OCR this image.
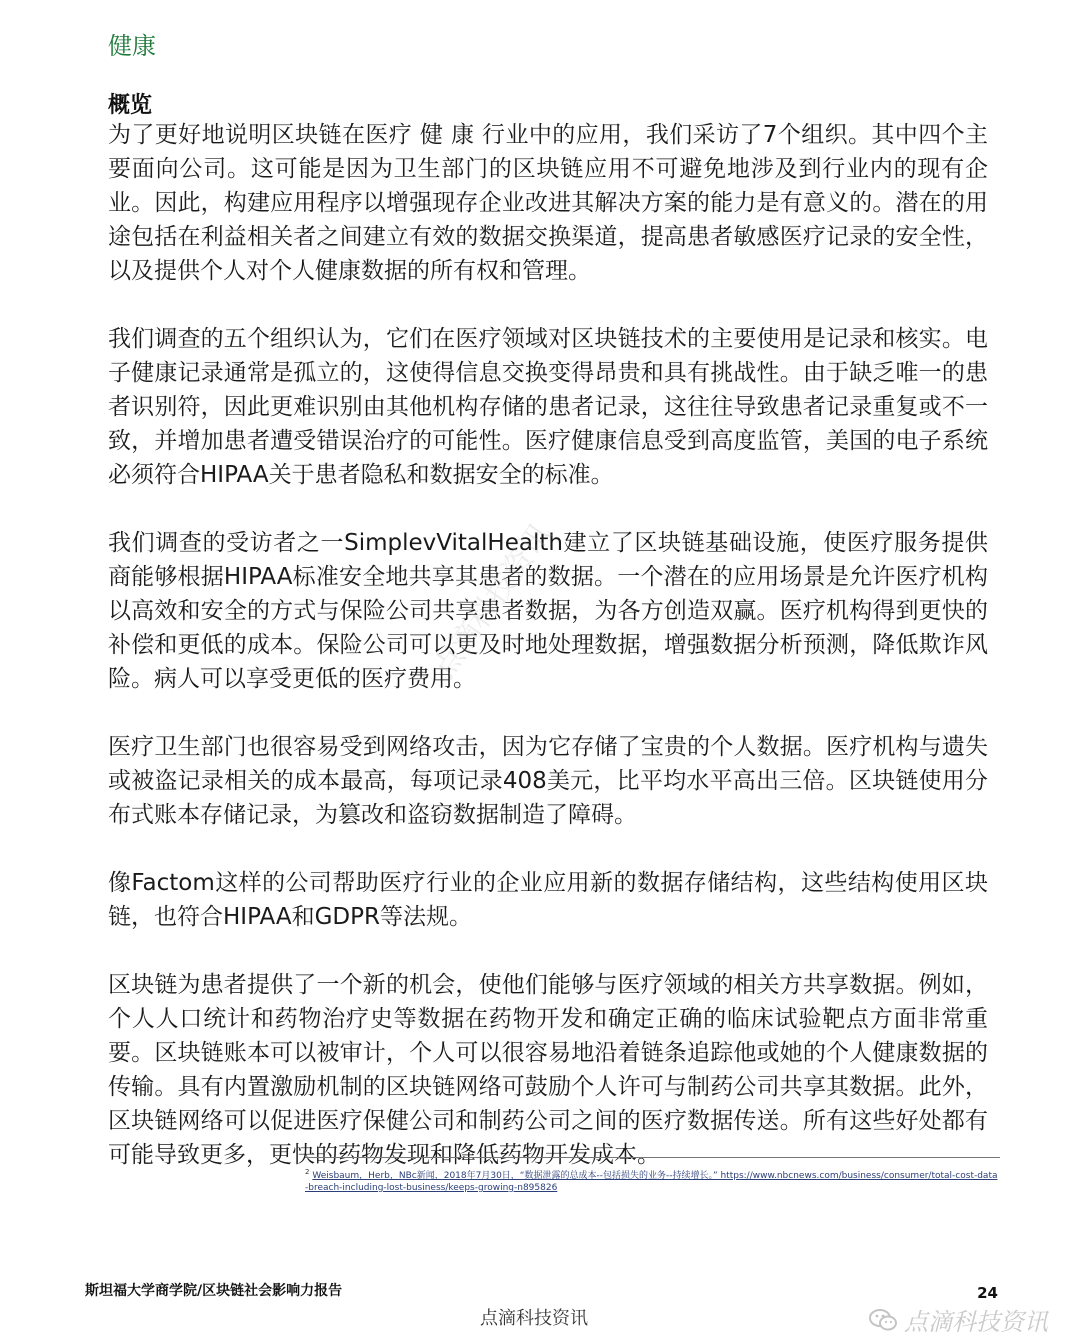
健康
概览

为了更好地说明区块链在医疗 健 康 行业中的应用，我们采访了7个组织。其中四个主要面向公司。这可能是因为卫生部门的区块链应用不可避免地涉及到行业内的现有企业。因此，构建应用程序以增强现存企业改进其解决方案的能力是有意义的。潜在的用途包括在利益相关者之间建立有效的数据交换渠道，提高患者敏感医疗记录的安全性，以及提供个人对个人健康数据的所有权和管理。

我们调查的五个组织认为，它们在医疗领域对区块链技术的主要使用是记录和核实。电子健康记录通常是孤立的，这使得信息交换变得昂贵和具有挑战性。由于缺乏唯一的患者识别符，因此更难识别由其他机构存储的患者记录，这往往导致患者记录重复或不一致，并增加患者遭受错误治疗的可能性。医疗健康信息受到高度监管，美国的电子系统必须符合HIPAA关于患者隐私和数据安全的标准。

我们调查的受访者之一SimplevVitalHealth建立了区块链基础设施，使医疗服务提供商能够根据HIPAA标准安全地共享其患者的数据。一个潜在的应用场景是允许医疗机构以高效和安全的方式与保险公司共享患者数据，为各方创造双赢。医疗机构得到更快的补偿和更低的成本。保险公司可以更及时地处理数据，增强数据分析预测，降低欺诈风险。病人可以享受更低的医疗费用。

医疗卫生部门也很容易受到网络攻击，因为它存储了宝贵的个人数据。医疗机构与遗失或被盗记录相关的成本最高，每项记录408美元，比平均水平高出三倍。区块链使用分布式账本存储记录，为篡改和盗窃数据制造了障碍。

像Factom这样的公司帮助医疗行业的企业应用新的数据存储结构，这些结构使用区块链，也符合HIPAA和GDPR等法规。

区块链为患者提供了一个新的机会，使他们能够与医疗领域的相关方共享数据。例如，个人人口统计和药物治疗史等数据在药物开发和确定正确的临床试验靶点方面非常重要。区块链账本可以被审计，个人可以很容易地沿着链条追踪他或她的个人健康数据的传输。具有内置激励机制的区块链网络可鼓励个人许可与制药公司共享其数据。此外，区块链网络可以促进医疗保健公司和制药公司之间的医疗数据传送。所有这些好处都有可能导致更多，更快的药物发现和降低药物开发成本。

点滴科技资讯
$^2$ Weisbaum，Herb，NBc新闻，2018年7月30日，“数据泄露的总成本--包括损失的业务--持续增长。” https://www.nbcnews.com/business/consumer/total-cost-data-breach-including-lost-business/keeps-growing-n895826
斯坦福大学商学院/区块链社会影响力报告	24
点滴科技资讯	点滴科技资讯
